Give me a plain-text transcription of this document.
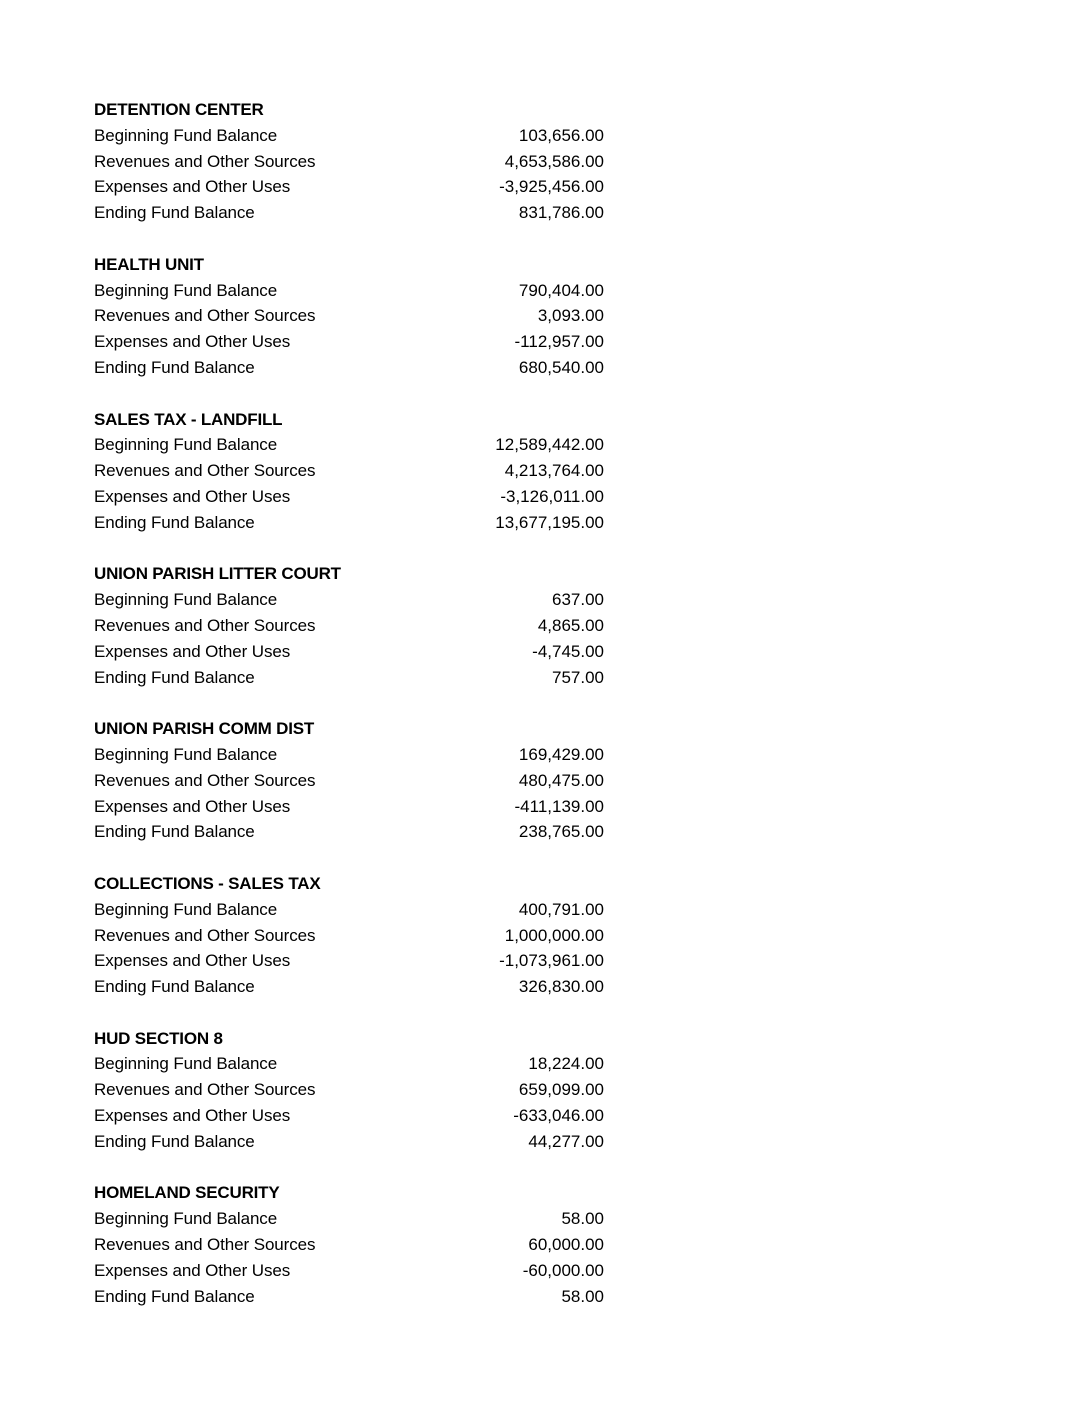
DETENTION CENTER
Beginning Fund Balance	103,656.00
Revenues and Other Sources	4,653,586.00
Expenses and Other Uses	-3,925,456.00
Ending Fund Balance	831,786.00
HEALTH UNIT
Beginning Fund Balance	790,404.00
Revenues and Other Sources	3,093.00
Expenses and Other Uses	-112,957.00
Ending Fund Balance	680,540.00
SALES TAX - LANDFILL
Beginning Fund Balance	12,589,442.00
Revenues and Other Sources	4,213,764.00
Expenses and Other Uses	-3,126,011.00
Ending Fund Balance	13,677,195.00
UNION PARISH LITTER COURT
Beginning Fund Balance	637.00
Revenues and Other Sources	4,865.00
Expenses and Other Uses	-4,745.00
Ending Fund Balance	757.00
UNION PARISH COMM DIST
Beginning Fund Balance	169,429.00
Revenues and Other Sources	480,475.00
Expenses and Other Uses	-411,139.00
Ending Fund Balance	238,765.00
COLLECTIONS - SALES TAX
Beginning Fund Balance	400,791.00
Revenues and Other Sources	1,000,000.00
Expenses and Other Uses	-1,073,961.00
Ending Fund Balance	326,830.00
HUD SECTION 8
Beginning Fund Balance	18,224.00
Revenues and Other Sources	659,099.00
Expenses and Other Uses	-633,046.00
Ending Fund Balance	44,277.00
HOMELAND SECURITY
Beginning Fund Balance	58.00
Revenues and Other Sources	60,000.00
Expenses and Other Uses	-60,000.00
Ending Fund Balance	58.00
